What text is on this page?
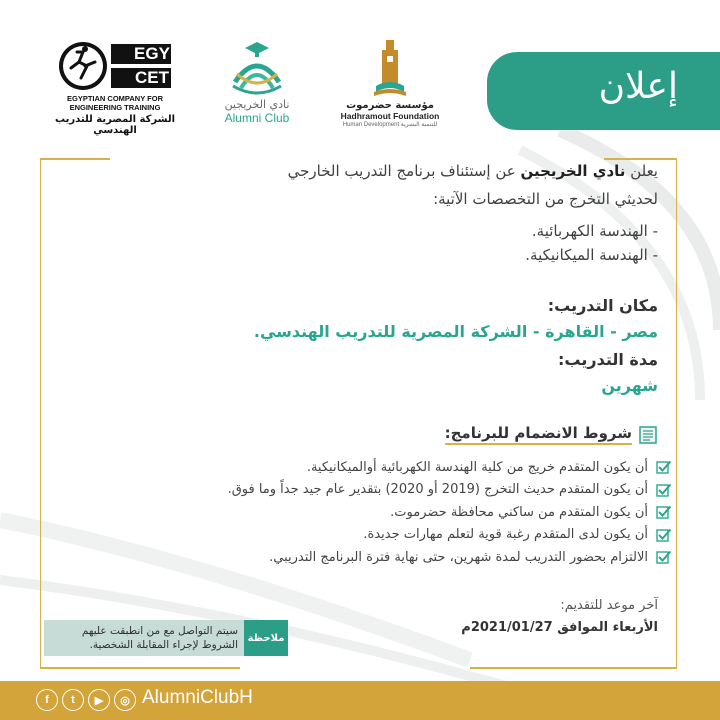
EGY
CET
EGYPTIAN COMPANY FOR
ENGINEERING TRAINING
الشركة المصرية للتدريب الهندسي
نادي الخريجين
Alumni Club
مؤسسة حضرموت
Hadhramout Foundation
Human Development للتنمية البشرية
إعلان
يعلن نادي الخريجين عن إستئناف برنامج التدريب الخارجي
لحديثي التخرج من التخصصات الآتية:
- الهندسة الكهربائية.
- الهندسة الميكانيكية.
مكان التدريب:
مصر - القاهرة - الشركة المصرية للتدريب الهندسي.
مدة التدريب:
شهرين
شروط الانضمام للبرنامج:
أن يكون المتقدم خريج من كلية الهندسة الكهربائية أوالميكانيكية.
أن يكون المتقدم حديث التخرج (2019 أو 2020) بتقدير عام جيد جداً وما فوق.
أن يكون المتقدم من ساكني محافظة حضرموت.
أن يكون لدى المتقدم رغبة قوية لتعلم مهارات جديدة.
الالتزام بحضور التدريب لمدة شهرين، حتى نهاية فترة البرنامج التدريبي.
آخر موعد للتقديم:
الأربعاء الموافق 2021/01/27م
سيتم التواصل مع من انطبقت عليهم الشروط لإجراء المقابلة الشخصية.
ملاحظة
f	t	▶	◎ AlumniClubH
